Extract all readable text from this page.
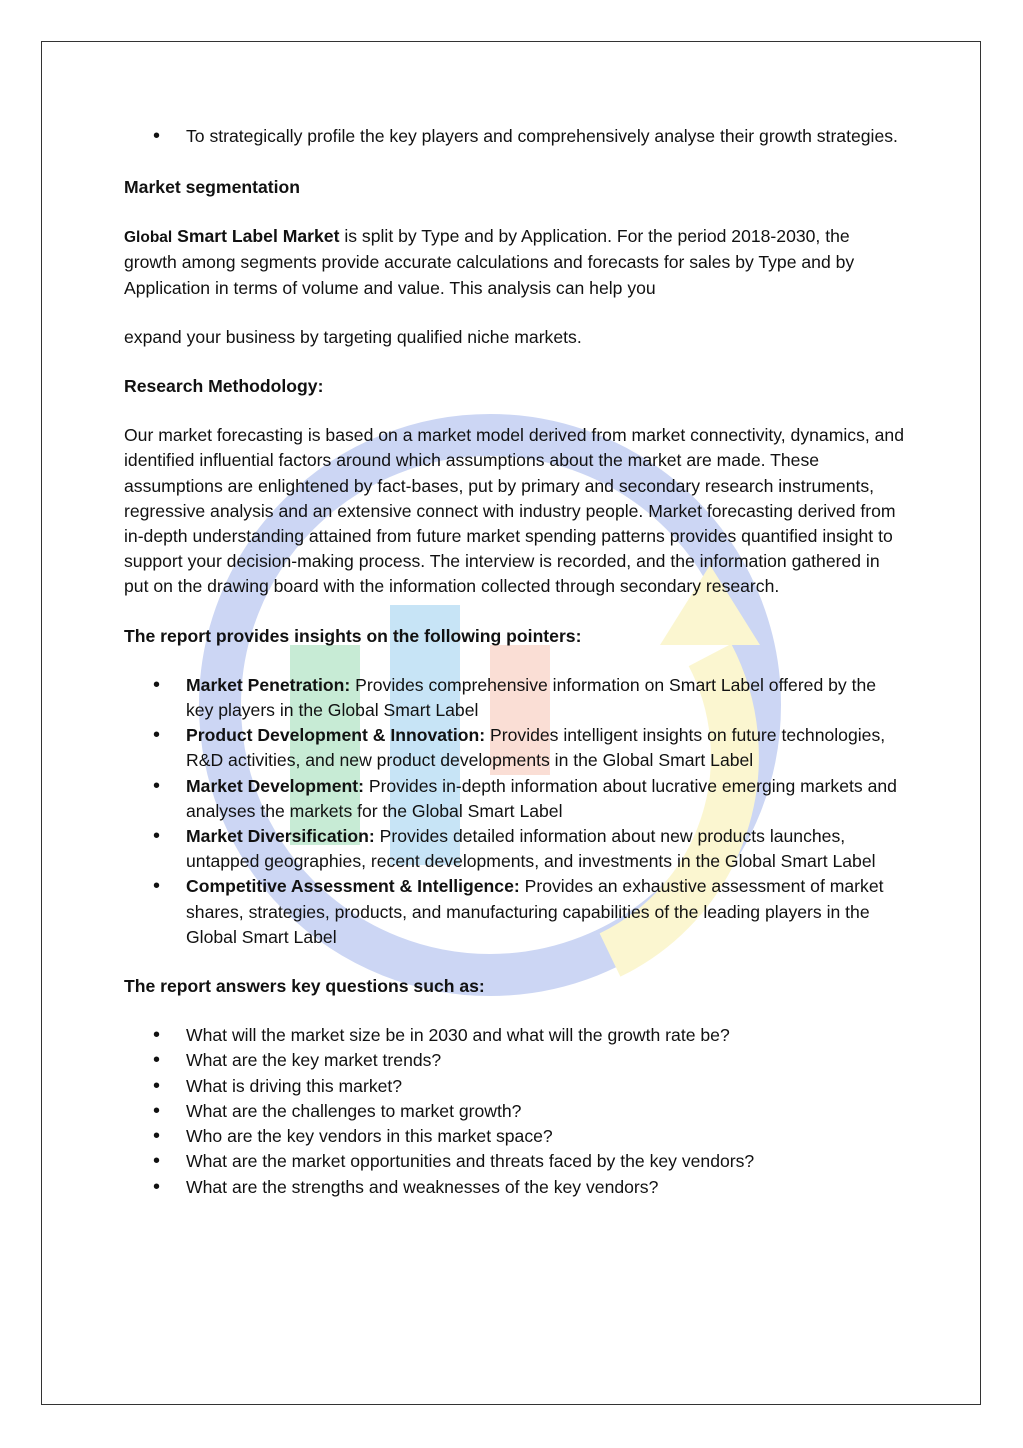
• To strategically profile the key players and comprehensively analyse their growth strategies.
Market segmentation

Global Smart Label Market is split by Type and by Application. For the period 2018-2030, the growth among segments provide accurate calculations and forecasts for sales by Type and by Application in terms of volume and value. This analysis can help you

expand your business by targeting qualified niche markets.

Research Methodology:

Our market forecasting is based on a market model derived from market connectivity, dynamics, and identified influential factors around which assumptions about the market are made. These assumptions are enlightened by fact-bases, put by primary and secondary research instruments, regressive analysis and an extensive connect with industry people. Market forecasting derived from in-depth understanding attained from future market spending patterns provides quantified insight to support your decision-making process. The interview is recorded, and the information gathered in put on the drawing board with the information collected through secondary research.

The report provides insights on the following pointers:
• Market Penetration: Provides comprehensive information on Smart Label offered by the key players in the Global Smart Label
• Product Development & Innovation: Provides intelligent insights on future technologies, R&D activities, and new product developments in the Global Smart Label
• Market Development: Provides in-depth information about lucrative emerging markets and analyses the markets for the Global Smart Label
• Market Diversification: Provides detailed information about new products launches, untapped geographies, recent developments, and investments in the Global Smart Label
• Competitive Assessment & Intelligence: Provides an exhaustive assessment of market shares, strategies, products, and manufacturing capabilities of the leading players in the Global Smart Label
The report answers key questions such as:
• What will the market size be in 2030 and what will the growth rate be?
• What are the key market trends?
• What is driving this market?
• What are the challenges to market growth?
• Who are the key vendors in this market space?
• What are the market opportunities and threats faced by the key vendors?
• What are the strengths and weaknesses of the key vendors?
